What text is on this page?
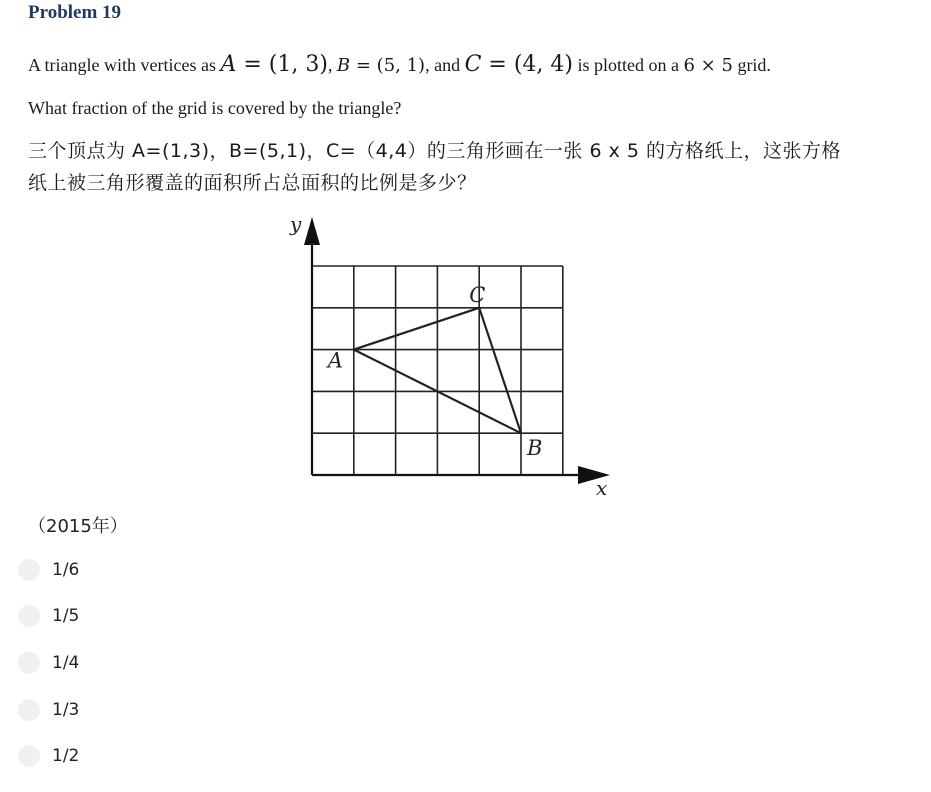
Problem 19
A triangle with vertices as A = (1, 3), B = (5, 1), and C = (4, 4) is plotted on a 6 × 5 grid.
What fraction of the grid is covered by the triangle?
三个顶点为 A=(1,3)，B=(5,1)，C=（4,4）的三角形画在一张 6 x 5 的方格纸上，这张方格
纸上被三角形覆盖的面积所占总面积的比例是多少？
y
x
A
B
C
（2015年）
1/6
1/5
1/4
1/3
1/2
